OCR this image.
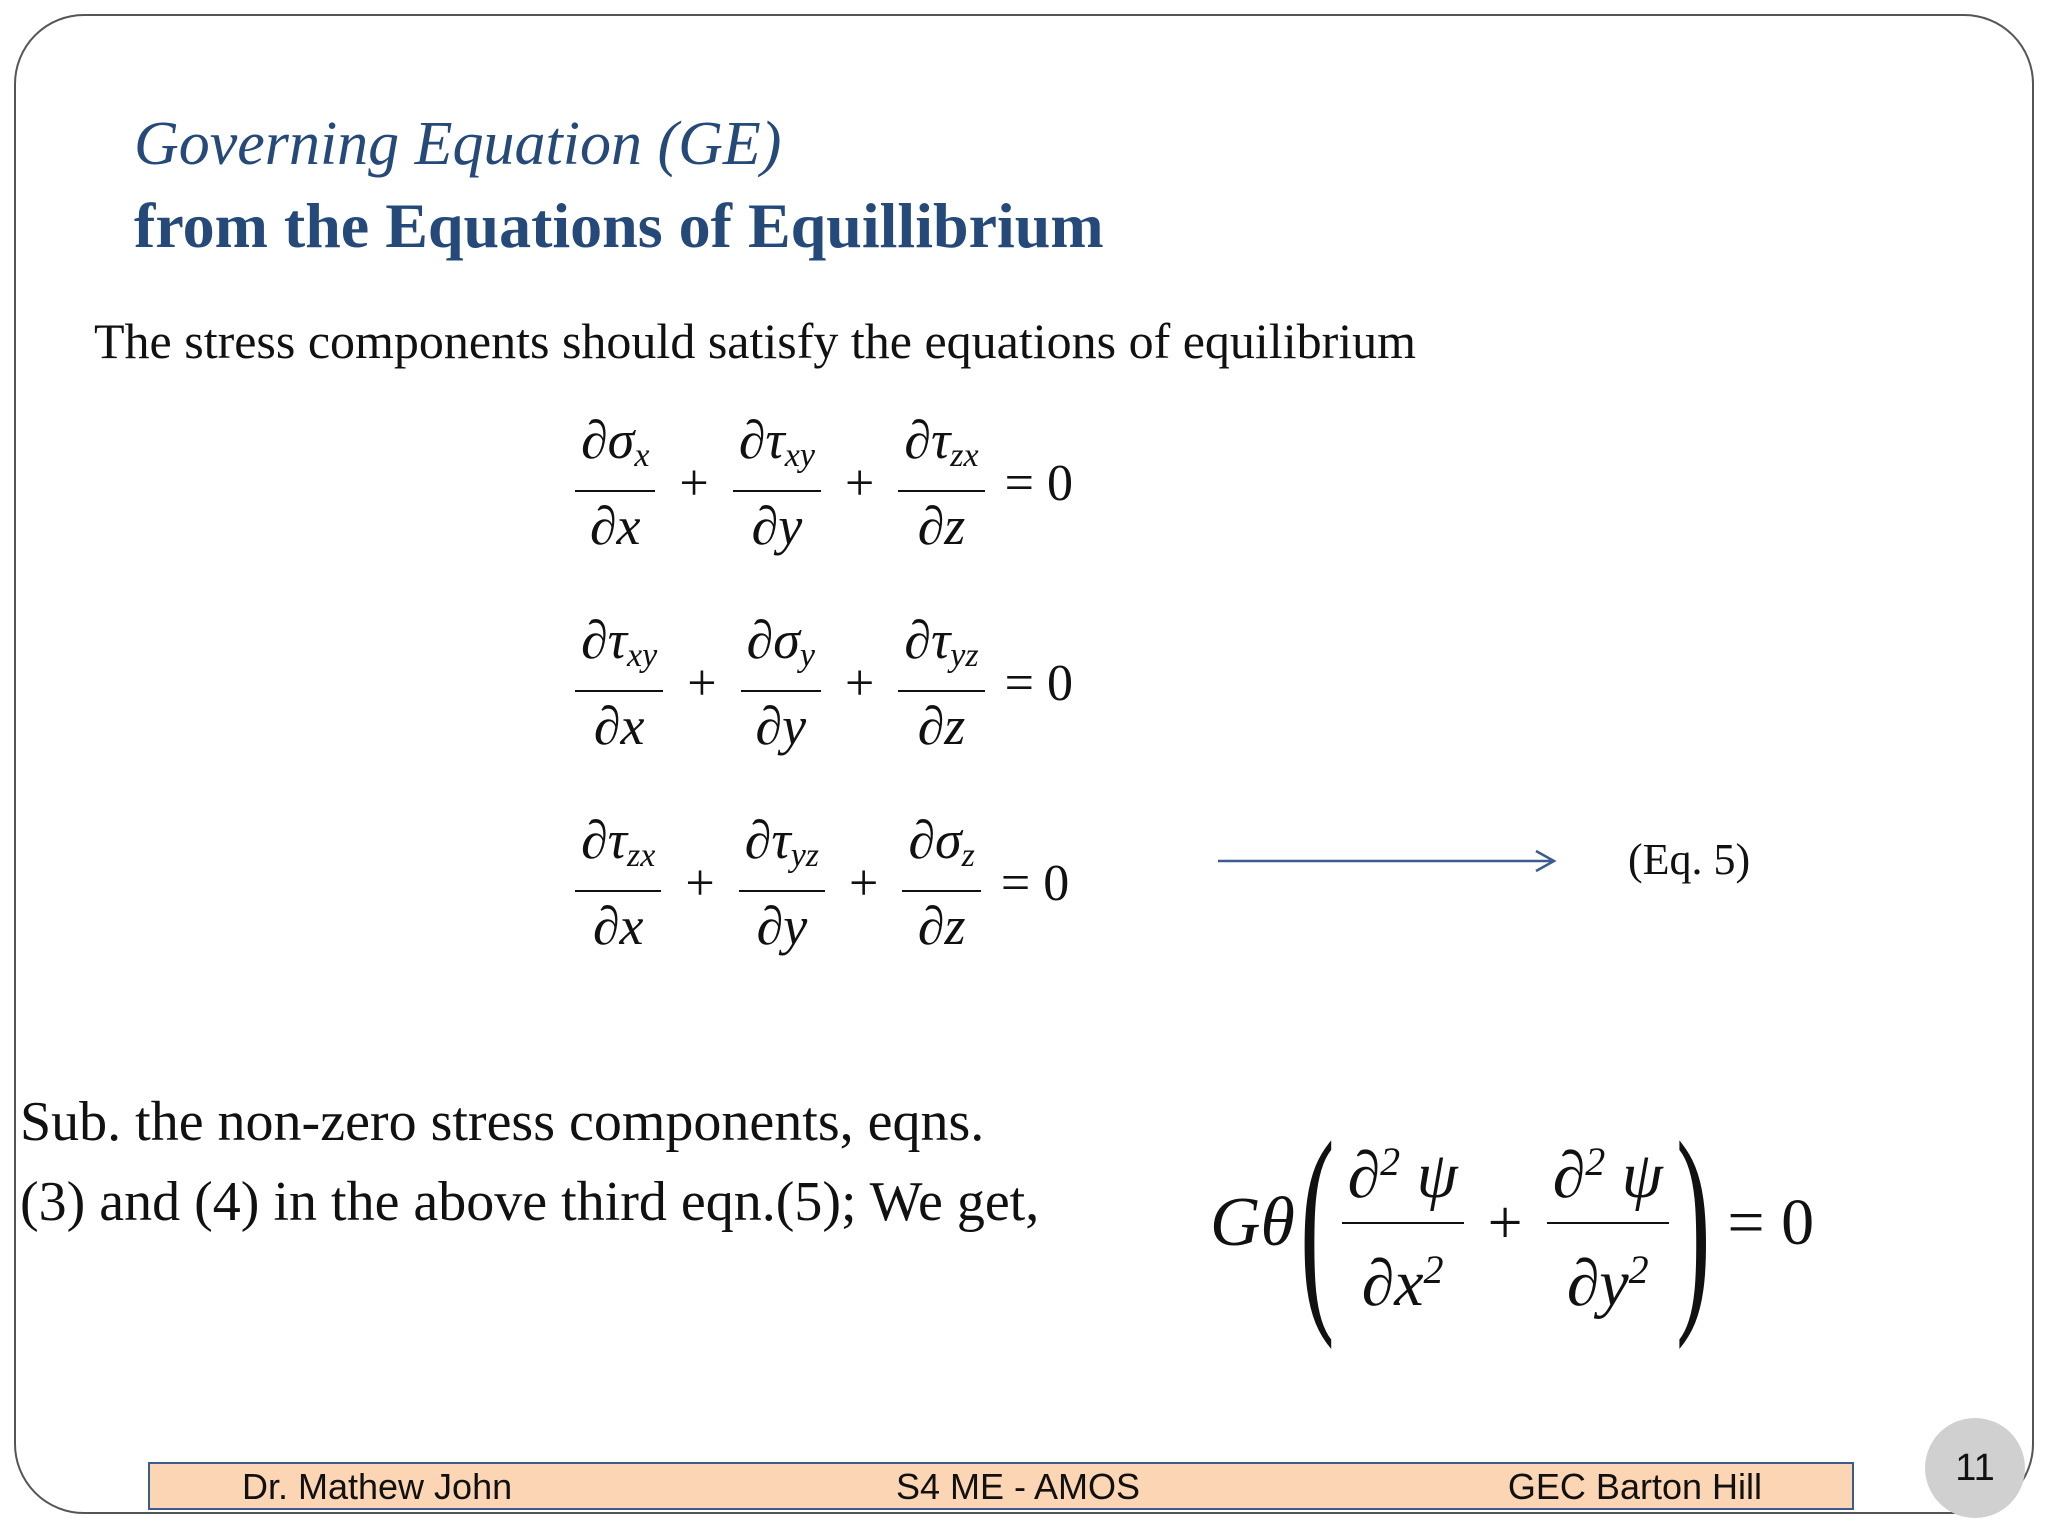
Governing Equation (GE)
from the Equations of Equillibrium
The stress components should satisfy the equations of equilibrium
$\frac{\partial\sigma_x}{\partial x} + \frac{\partial\tau_{xy}}{\partial y} + \frac{\partial\tau_{zx}}{\partial z} = 0$
$\frac{\partial\tau_{xy}}{\partial x} + \frac{\partial\sigma_y}{\partial y} + \frac{\partial\tau_{yz}}{\partial z} = 0$
$\frac{\partial\tau_{zx}}{\partial x} + \frac{\partial\tau_{yz}}{\partial y} + \frac{\partial\sigma_z}{\partial z} = 0$	(Eq. 5)
Sub. the non-zero stress components, eqns.
(3) and (4) in the above third eqn.(5); We get, Gθ ( $\frac{\partial^2 \psi}{\partial x^2} + \frac{\partial^2 \psi}{\partial y^2}$ ) = 0
Dr. Mathew John	S4 ME - AMOS	GEC Barton Hill	11
